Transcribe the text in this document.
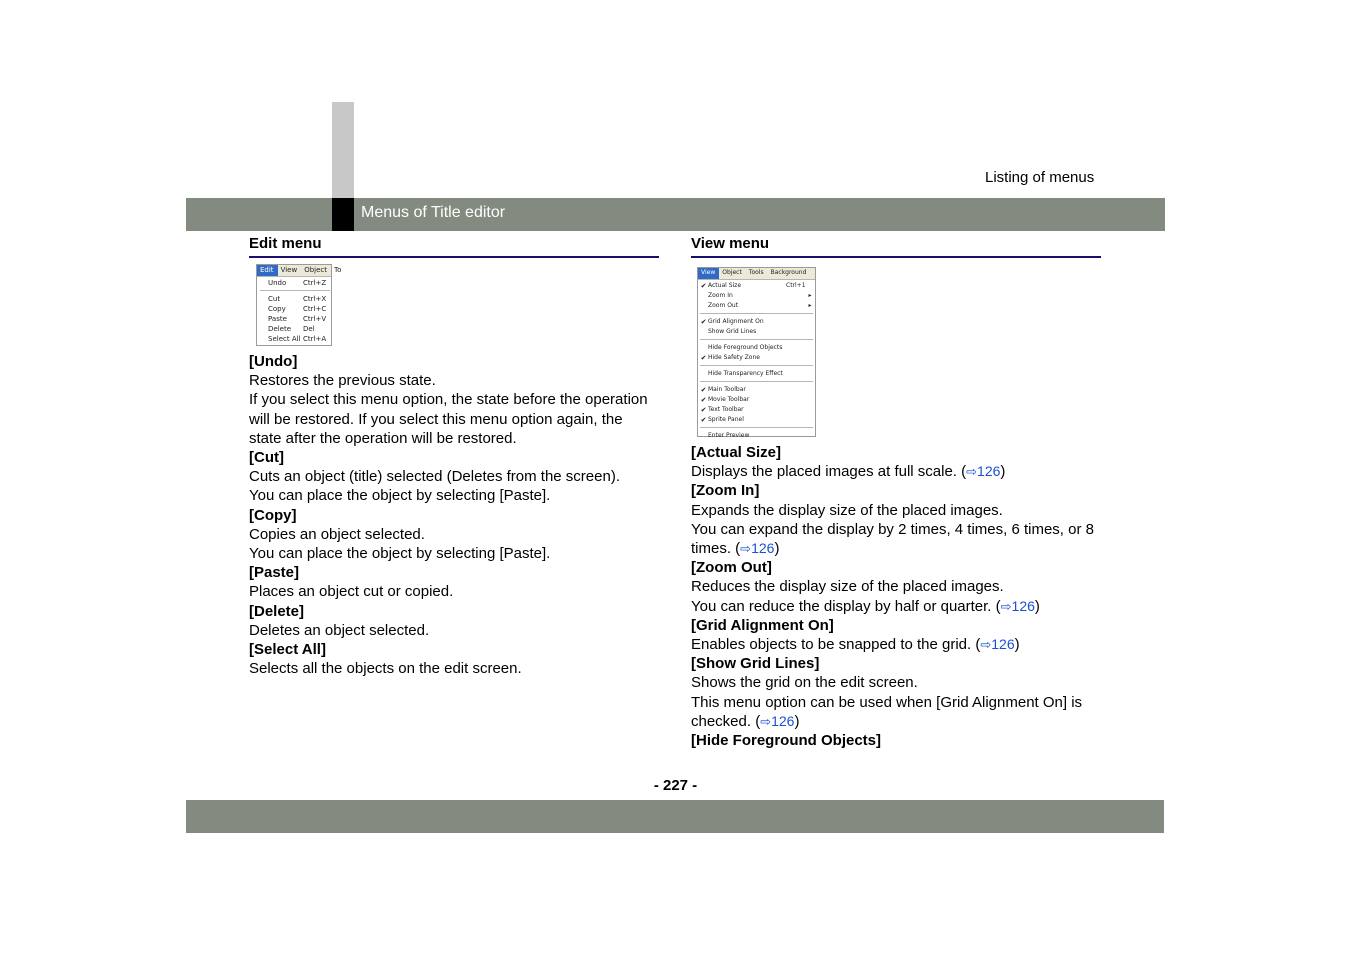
Menus of Title editor
Listing of menus
Edit menu
Edit	View	Object	To
Undo	Ctrl+Z
Cut	Ctrl+X
Copy	Ctrl+C
Paste	Ctrl+V
Delete	Del
Select All Ctrl+A

[Undo]

Restores the previous state.

If you select this menu option, the state before the operation will be restored. If you select this menu option again, the state after the operation will be restored.

[Cut]

Cuts an object (title) selected (Deletes from the screen).

You can place the object by selecting [Paste].

[Copy]

Copies an object selected.

You can place the object by selecting [Paste].

[Paste]

Places an object cut or copied.

[Delete]

Deletes an object selected.

[Select All]

Selects all the objects on the edit screen.

View menu
View	Object	Tools	Background
✔ Actual Size	Ctrl+1
Zoom In	▸
Zoom Out	▸
✔ Grid Alignment On
Show Grid Lines
Hide Foreground Objects
✔ Hide Safety Zone
Hide Transparency Effect
✔ Main Toolbar
✔ Movie Toolbar
✔ Text Toolbar
✔ Sprite Panel
Enter Preview

[Actual Size]

Displays the placed images at full scale. (⇨126)

[Zoom In]

Expands the display size of the placed images.

You can expand the display by 2 times, 4 times, 6 times, or 8 times. (⇨126)

[Zoom Out]

Reduces the display size of the placed images.

You can reduce the display by half or quarter. (⇨126)

[Grid Alignment On]

Enables objects to be snapped to the grid. (⇨126)

[Show Grid Lines]

Shows the grid on the edit screen.

This menu option can be used when [Grid Alignment On] is checked. (⇨126)

[Hide Foreground Objects]

- 227 -
